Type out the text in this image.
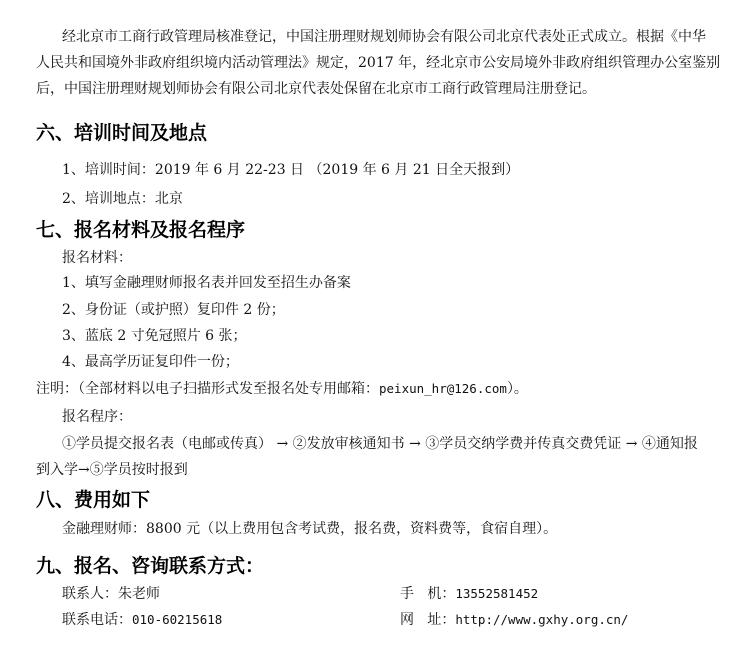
经北京市工商行政管理局核准登记，中国注册理财规划师协会有限公司北京代表处正式成立。根据《中华
人民共和国境外非政府组织境内活动管理法》规定，2017 年，经北京市公安局境外非政府组织管理办公室鉴别
后，中国注册理财规划师协会有限公司北京代表处保留在北京市工商行政管理局注册登记。
六、培训时间及地点
1、培训时间：2019 年 6 月 22-23 日 （2019 年 6 月 21 日全天报到）
2、培训地点：北京
七、报名材料及报名程序
报名材料：
1、填写金融理财师报名表并回发至招生办备案
2、身份证（或护照）复印件 2 份；
3、蓝底 2 寸免冠照片 6 张；
4、最高学历证复印件一份；
注明：（全部材料以电子扫描形式发至报名处专用邮箱：peixun_hr@126.com）。
报名程序：
①学员提交报名表（电邮或传真） → ②发放审核通知书 → ③学员交纳学费并传真交费凭证 → ④通知报
到入学→⑤学员按时报到
八、费用如下
金融理财师：8800 元（以上费用包含考试费，报名费，资料费等，食宿自理）。
九、报名、咨询联系方式：
联系人：朱老师
联系电话：010-60215618
手   机：13552581452
网   址：http://www.gxhy.org.cn/
